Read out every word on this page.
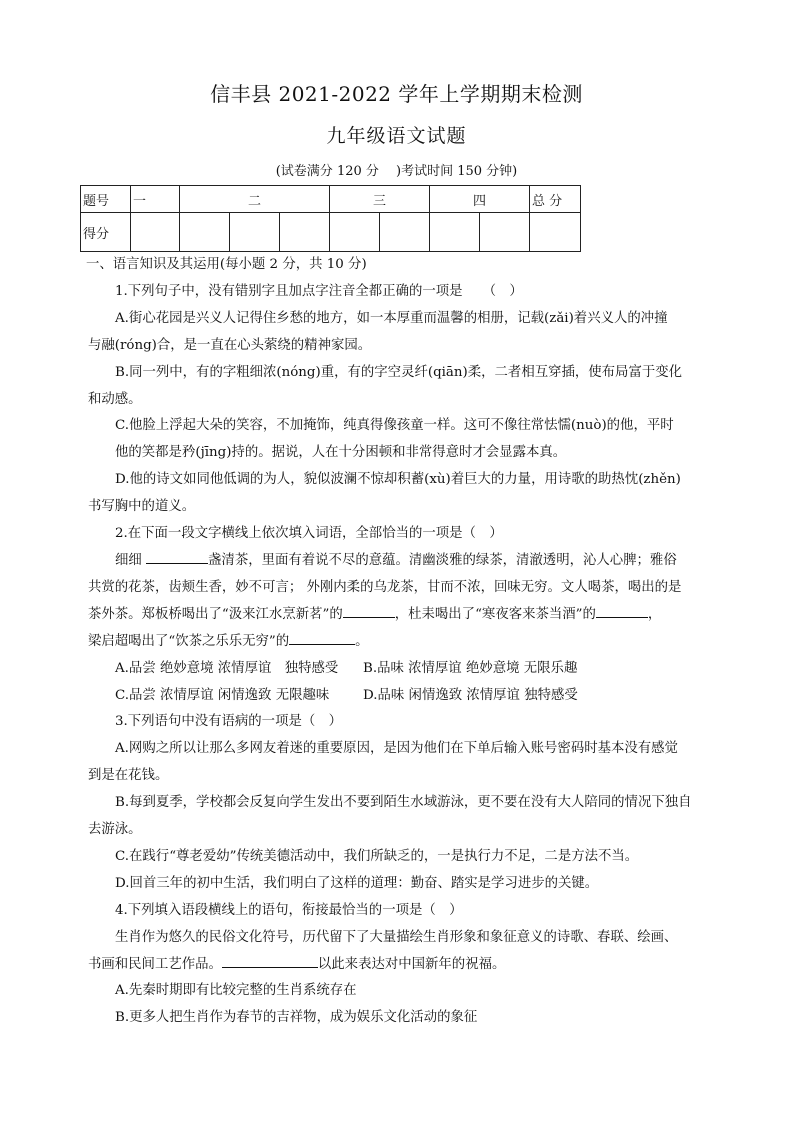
信丰县 2021-2022 学年上学期期末检测
九年级语文试题
(试卷满分 120 分　 )考试时间 150 分钟)
题号	一	二			三		四		总 分
得分									
一、语言知识及其运用(每小题 2 分，共 10 分)
1.下列句子中，没有错别字且加点字注音全都正确的一项是　　（　）
A.街心花园是兴义人记得住乡愁的地方，如一本厚重而温馨的相册，记载(zǎi)着兴义人的冲撞
与融(róng)合，是一直在心头萦绕的精神家园。
B.同一列中，有的字粗细浓(nóng)重，有的字空灵纤(qiān)柔，二者相互穿插，使布局富于变化
和动感。
C.他脸上浮起大朵的笑容，不加掩饰，纯真得像孩童一样。这可不像往常怯懦(nuò)的他，平时
他的笑都是矜(jīng)持的。据说，人在十分困顿和非常得意时才会显露本真。
D.他的诗文如同他低调的为人，貌似波澜不惊却积蓄(xù)着巨大的力量，用诗歌的助热忱(zhěn)
书写胸中的道义。
2.在下面一段文字横线上依次填入词语，全部恰当的一项是（　）
细细	盏清茶，里面有着说不尽的意蕴。清幽淡雅的绿茶，清澈透明，沁人心脾；雅俗
共赏的花茶，齿颊生香，妙不可言； 外刚内柔的乌龙茶，甘而不浓，回味无穷。文人喝茶，喝出的是
茶外茶。郑板桥喝出了“汲来江水烹新茗”的	，杜耒喝出了“寒夜客来茶当酒”的	，
梁启超喝出了“饮茶之乐乐无穷”的	。
A.品尝 绝妙意境 浓情厚谊　独特感受 B.品味 浓情厚谊 绝妙意境 无限乐趣
C.品尝 浓情厚谊 闲情逸致 无限趣味	D.品味 闲情逸致 浓情厚谊 独特感受
3.下列语句中没有语病的一项是（　）
A.网购之所以让那么多网友着迷的重要原因，是因为他们在下单后输入账号密码时基本没有感觉
到是在花钱。
B.每到夏季，学校都会反复向学生发出不要到陌生水域游泳，更不要在没有大人陪同的情况下独自
去游泳。
C.在践行“尊老爱幼”传统美德活动中，我们所缺乏的，一是执行力不足，二是方法不当。
D.回首三年的初中生活，我们明白了这样的道理：勤奋、踏实是学习进步的关键。
4.下列填入语段横线上的语句，衔接最恰当的一项是（　）
生肖作为悠久的民俗文化符号，历代留下了大量描绘生肖形象和象征意义的诗歌、春联、绘画、
书画和民间工艺作品。	以此来表达对中国新年的祝福。
A.先秦时期即有比较完整的生肖系统存在
B.更多人把生肖作为春节的吉祥物，成为娱乐文化活动的象征
